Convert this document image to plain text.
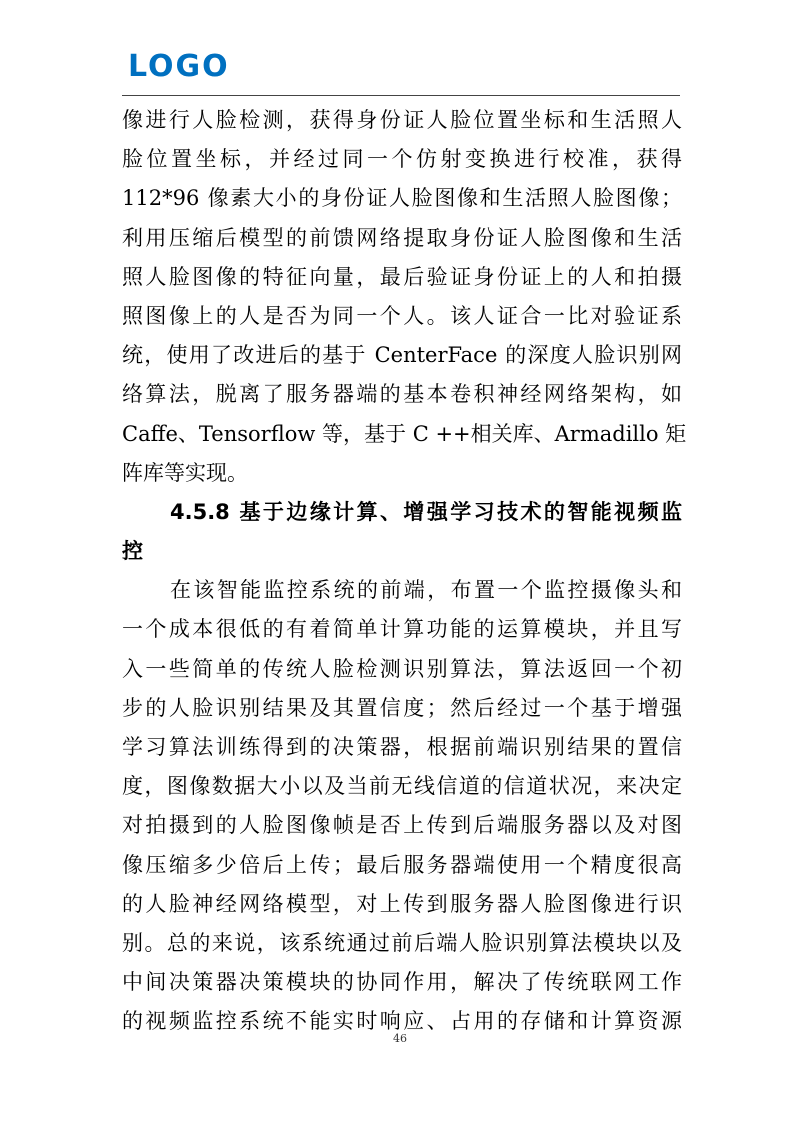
LOGO
像进行人脸检测，获得身份证人脸位置坐标和生活照人
脸位置坐标，并经过同一个仿射变换进行校准，获得
112*96 像素大小的身份证人脸图像和生活照人脸图像；
利用压缩后模型的前馈网络提取身份证人脸图像和生活
照人脸图像的特征向量，最后验证身份证上的人和拍摄
照图像上的人是否为同一个人。该人证合一比对验证系
统，使用了改进后的基于 CenterFace 的深度人脸识别网
络算法，脱离了服务器端的基本卷积神经网络架构，如
Caffe、Tensorflow 等，基于 C ++相关库、Armadillo 矩
阵库等实现。
4.5.8 基于边缘计算、增强学习技术的智能视频监
控
在该智能监控系统的前端，布置一个监控摄像头和
一个成本很低的有着简单计算功能的运算模块，并且写
入一些简单的传统人脸检测识别算法，算法返回一个初
步的人脸识别结果及其置信度；然后经过一个基于增强
学习算法训练得到的决策器，根据前端识别结果的置信
度，图像数据大小以及当前无线信道的信道状况，来决定
对拍摄到的人脸图像帧是否上传到后端服务器以及对图
像压缩多少倍后上传；最后服务器端使用一个精度很高
的人脸神经网络模型，对上传到服务器人脸图像进行识
别。总的来说，该系统通过前后端人脸识别算法模块以及
中间决策器决策模块的协同作用，解决了传统联网工作
的视频监控系统不能实时响应、占用的存储和计算资源
46
